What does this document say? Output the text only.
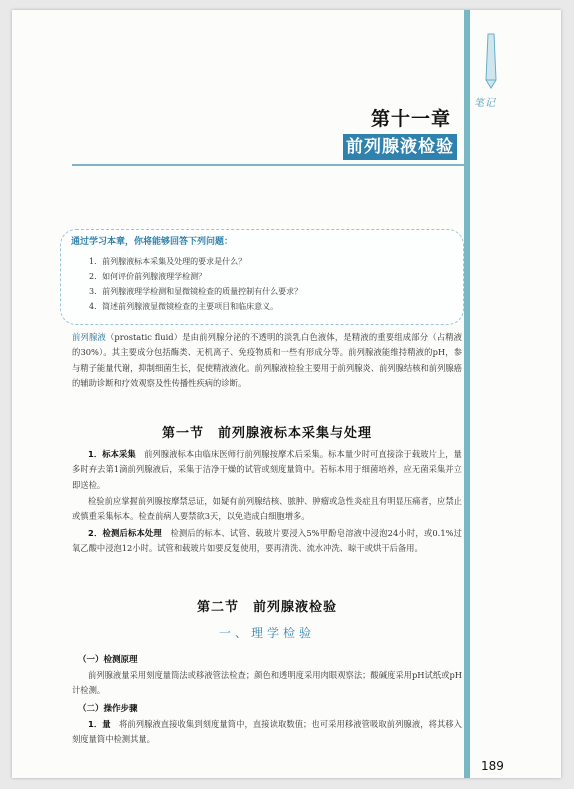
笔记
第十一章
前列腺液检验
通过学习本章，你将能够回答下列问题：
1．前列腺液标本采集及处理的要求是什么？
2．如何评价前列腺液理学检测？
3．前列腺液理学检测和显微镜检查的质量控制有什么要求？
4．简述前列腺液显微镜检查的主要项目和临床意义。
前列腺液（prostatic fluid）是由前列腺分泌的不透明的淡乳白色液体，是精液的重要组成部分（占精液的30%）。其主要成分包括酶类、无机离子、免疫物质和一些有形成分等。前列腺液能维持精液的pH，参与精子能量代谢，抑制细菌生长，促使精液液化。前列腺液检验主要用于前列腺炎、前列腺结核和前列腺癌的辅助诊断和疗效观察及性传播性疾病的诊断。
第一节　前列腺液标本采集与处理
1．标本采集　 前列腺液标本由临床医师行前列腺按摩术后采集。标本量少时可直接涂于载玻片上，量多时弃去第1滴前列腺液后，采集于洁净干燥的试管或刻度量筒中。若标本用于细菌培养，应无菌采集并立即送检。
检验前应掌握前列腺按摩禁忌证，如疑有前列腺结核、脓肿、肿瘤或急性炎症且有明显压痛者，应禁止或慎重采集标本。检查前病人要禁欲3天，以免造成白细胞增多。
2．检测后标本处理　 检测后的标本、试管、载玻片要浸入5%甲酚皂溶液中浸泡24小时，或0.1%过氧乙酸中浸泡12小时。试管和载玻片如要反复使用，要再清洗、流水冲洗、晾干或烘干后备用。
第二节　前列腺液检验
一、理学检验
（一）检测原理
前列腺液量采用刻度量筒法或移液管法检查；颜色和透明度采用肉眼观察法；酸碱度采用pH试纸或pH计检测。
（二）操作步骤
1．量　 将前列腺液直接收集到刻度量筒中，直接读取数值；也可采用移液管吸取前列腺液，将其移入刻度量筒中检测其量。
189
